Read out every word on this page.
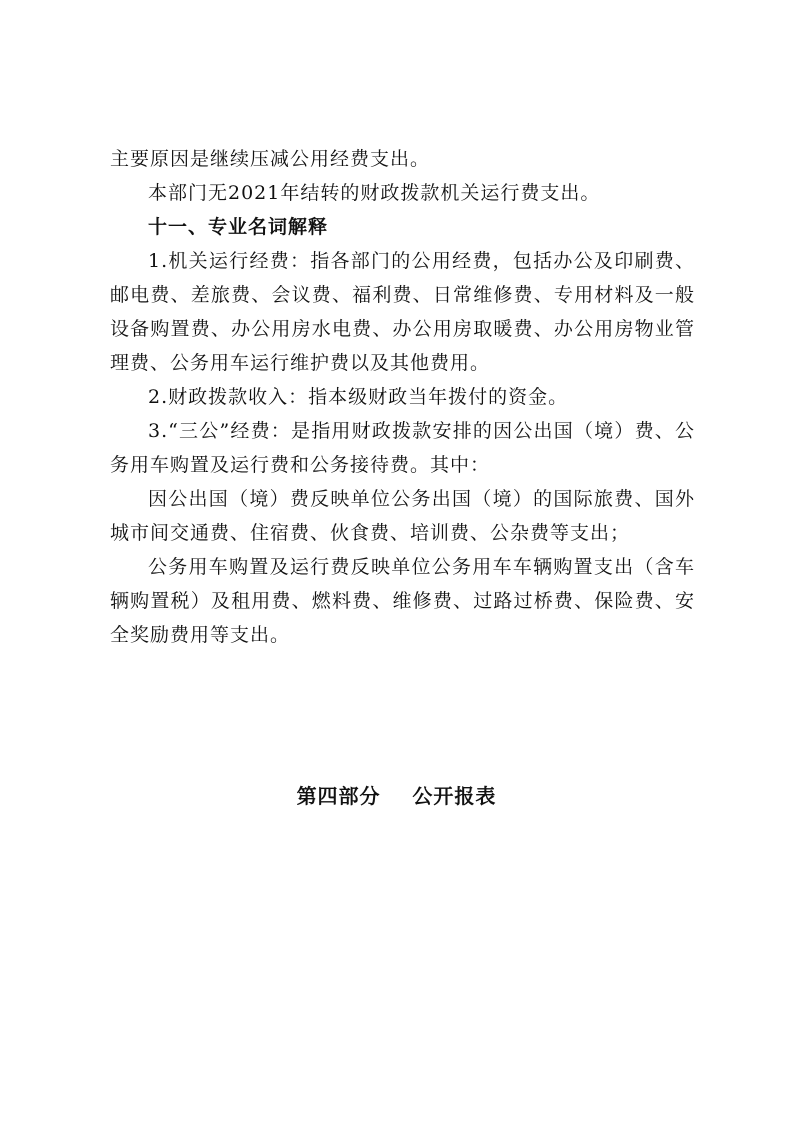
主要原因是继续压减公用经费支出。

本部门无2021年结转的财政拨款机关运行费支出。

十一、专业名词解释

1.机关运行经费：指各部门的公用经费，包括办公及印刷费、邮电费、差旅费、会议费、福利费、日常维修费、专用材料及一般设备购置费、办公用房水电费、办公用房取暖费、办公用房物业管理费、公务用车运行维护费以及其他费用。

2.财政拨款收入：指本级财政当年拨付的资金。

3.“三公”经费：是指用财政拨款安排的因公出国（境）费、公务用车购置及运行费和公务接待费。其中：

因公出国（境）费反映单位公务出国（境）的国际旅费、国外城市间交通费、住宿费、伙食费、培训费、公杂费等支出；

公务用车购置及运行费反映单位公务用车车辆购置支出（含车辆购置税）及租用费、燃料费、维修费、过路过桥费、保险费、安全奖励费用等支出。

第四部分    公开报表
